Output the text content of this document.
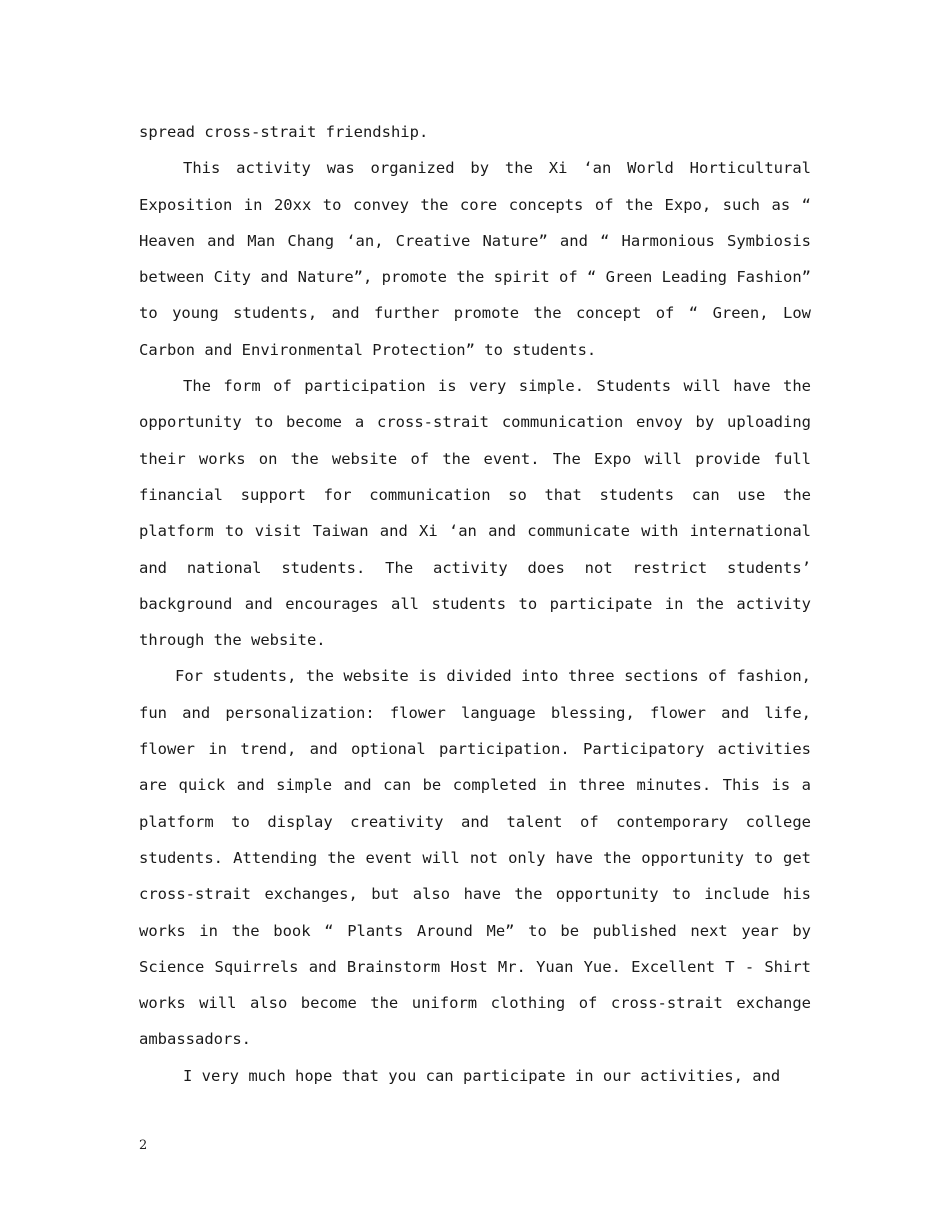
spread cross-strait friendship.

This activity was organized by the Xi ‘an World Horticultural Exposition in 20xx to convey the core concepts of the Expo, such as “ Heaven and Man Chang ‘an, Creative Nature” and “ Harmonious Symbiosis between City and Nature”, promote the spirit of “ Green Leading Fashion” to young students, and further promote the concept of “ Green, Low Carbon and Environmental Protection” to students.

The form of participation is very simple. Students will have the opportunity to become a cross-strait communication envoy by uploading their works on the website of the event. The Expo will provide full financial support for communication so that students can use the platform to visit Taiwan and Xi ‘an and communicate with international and national students. The activity does not restrict students’ background and encourages all students to participate in the activity through the website.

For students, the website is divided into three sections of fashion, fun and personalization: flower language blessing, flower and life, flower in trend, and optional participation. Participatory activities are quick and simple and can be completed in three minutes. This is a platform to display creativity and talent of contemporary college students. Attending the event will not only have the opportunity to get cross-strait exchanges, but also have the opportunity to include his works in the book “ Plants Around Me” to be published next year by Science Squirrels and Brainstorm Host Mr. Yuan Yue. Excellent T - Shirt works will also become the uniform clothing of cross-strait exchange ambassadors.

I very much hope that you can participate in our activities, and

2
